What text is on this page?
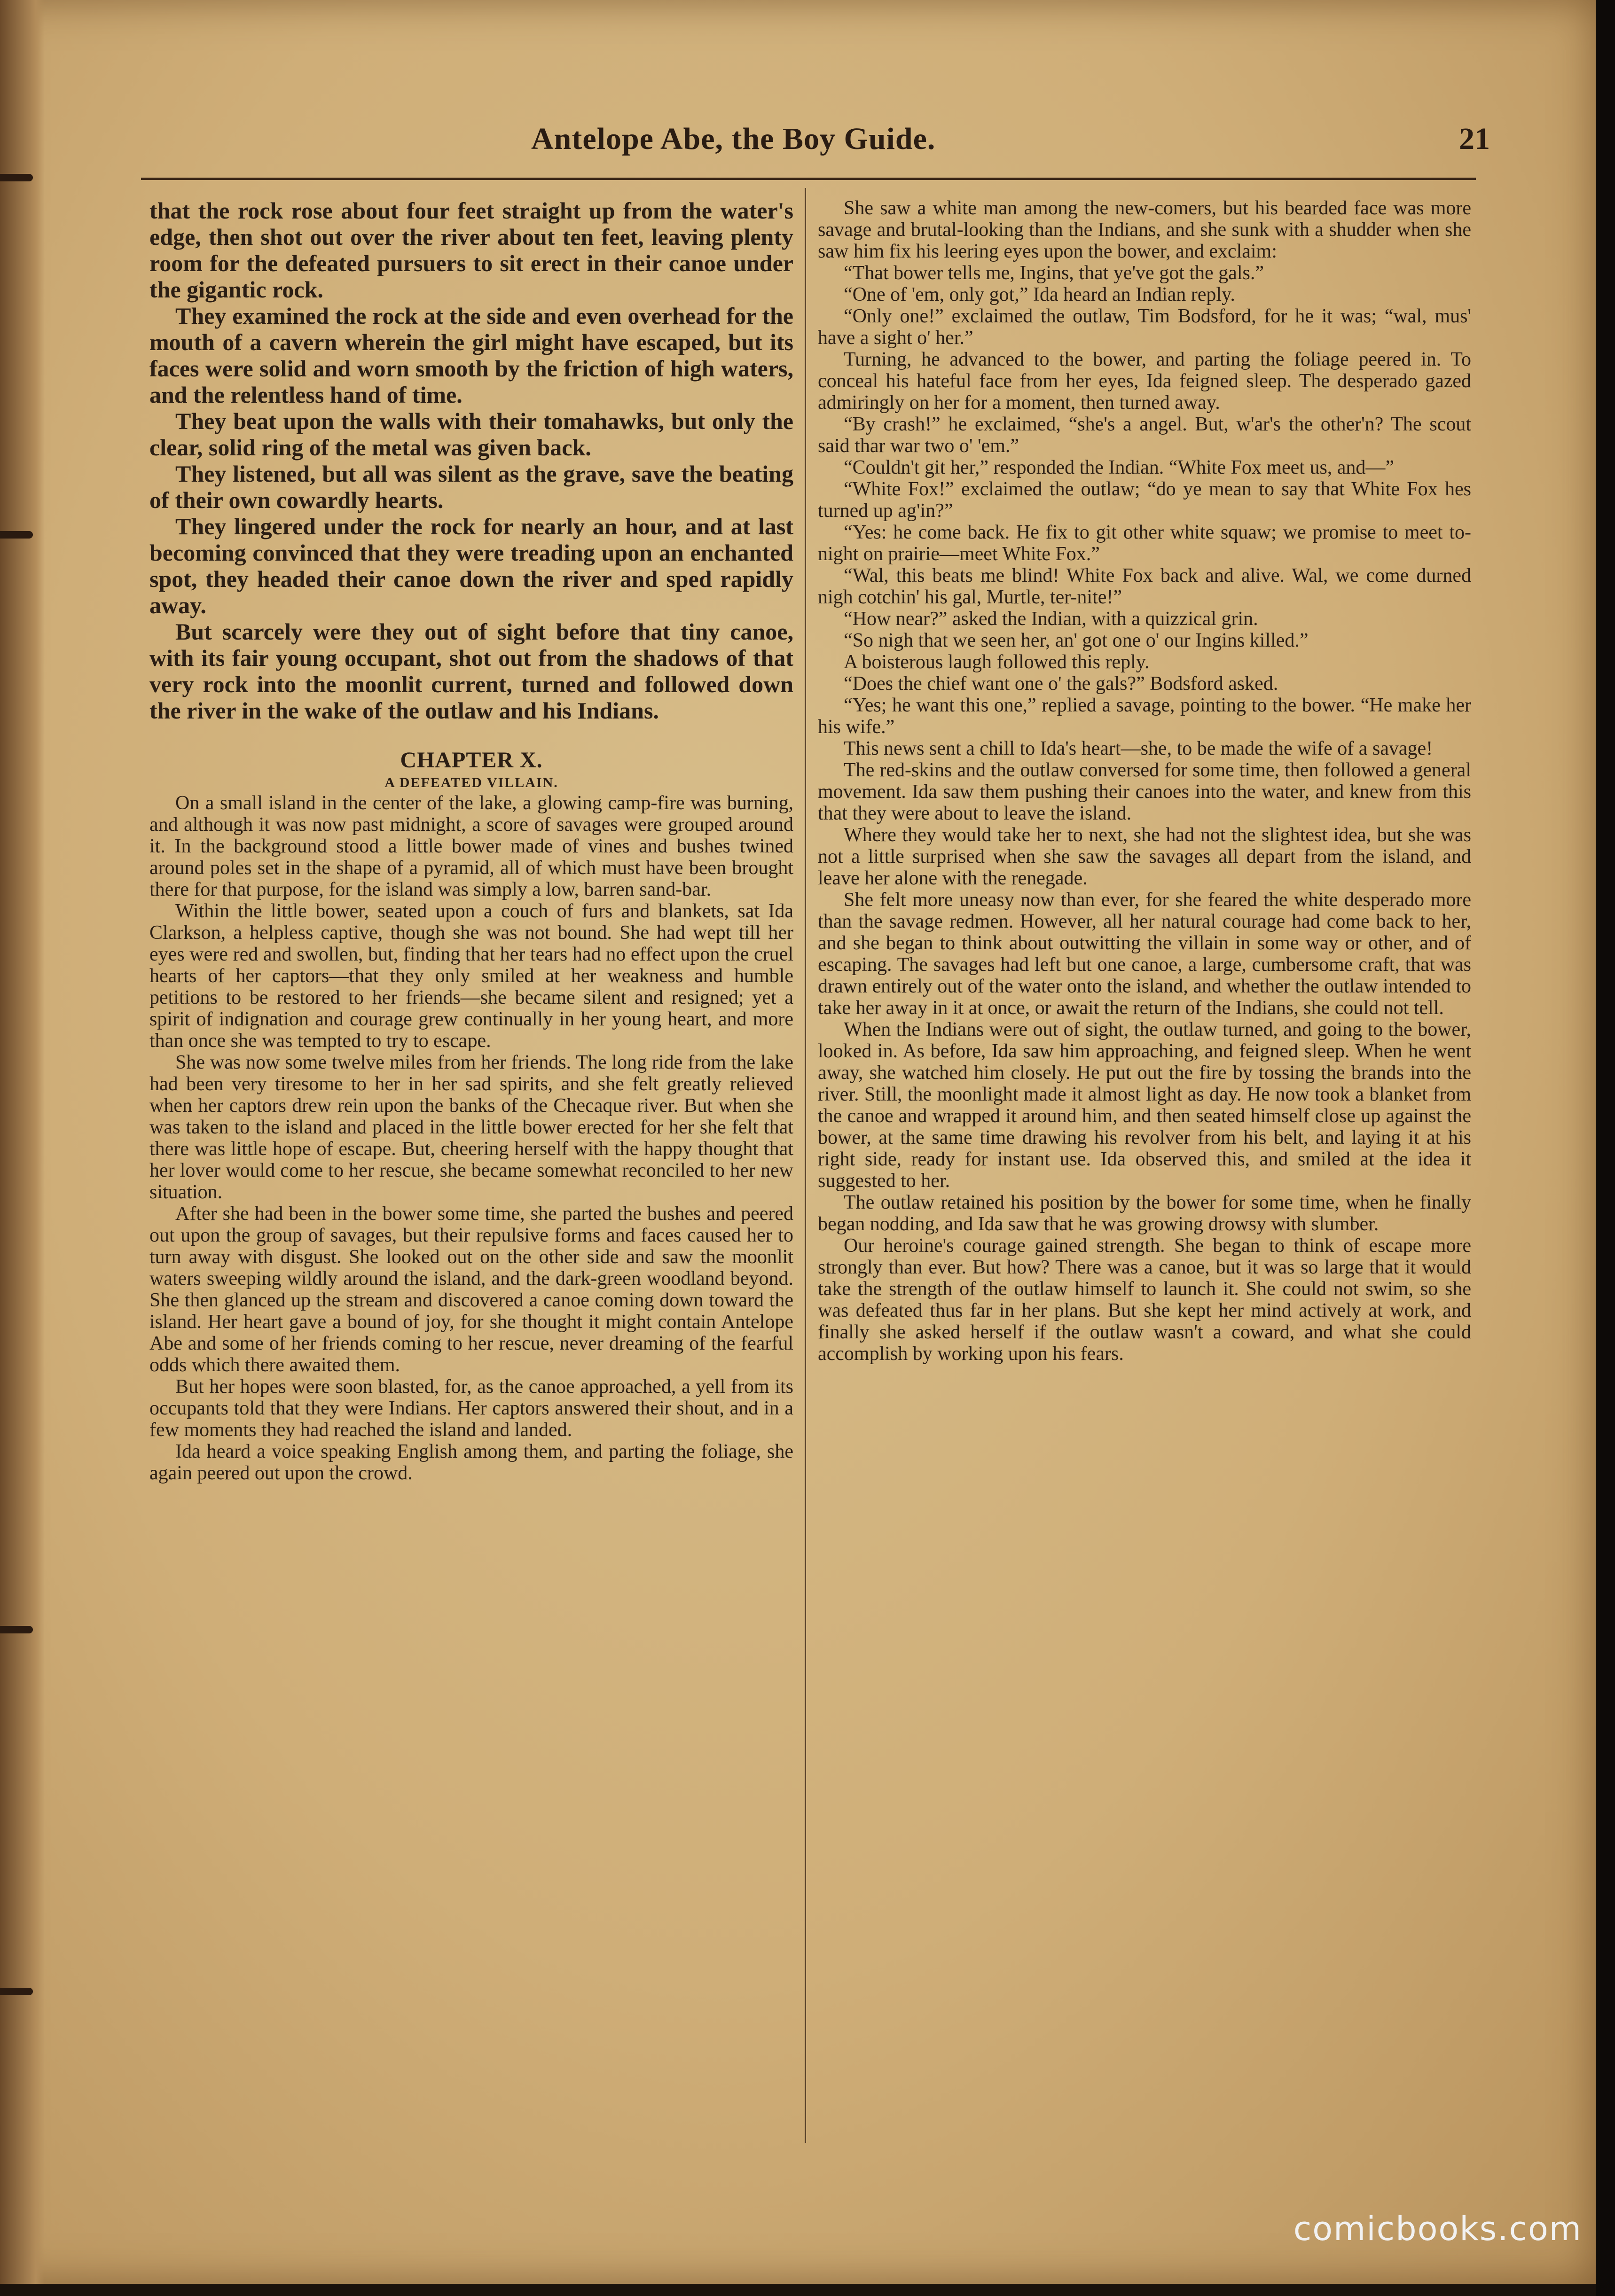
Antelope Abe, the Boy Guide.	21

that the rock rose about four feet straight up from the water's edge, then shot out over the river about ten feet, leaving plenty room for the defeated pursuers to sit erect in their canoe under the gigantic rock.

They examined the rock at the side and even overhead for the mouth of a cavern wherein the girl might have escaped, but its faces were solid and worn smooth by the friction of high waters, and the relentless hand of time.

They beat upon the walls with their tomahawks, but only the clear, solid ring of the metal was given back.

They listened, but all was silent as the grave, save the beating of their own cowardly hearts.

They lingered under the rock for nearly an hour, and at last becoming convinced that they were treading upon an enchanted spot, they headed their canoe down the river and sped rapidly away.

But scarcely were they out of sight before that tiny canoe, with its fair young occupant, shot out from the shadows of that very rock into the moonlit current, turned and followed down the river in the wake of the outlaw and his Indians.

CHAPTER X.
A DEFEATED VILLAIN.

On a small island in the center of the lake, a glowing camp-fire was burning, and although it was now past midnight, a score of savages were grouped around it. In the background stood a little bower made of vines and bushes twined around poles set in the shape of a pyramid, all of which must have been brought there for that purpose, for the island was simply a low, barren sand-bar.

Within the little bower, seated upon a couch of furs and blankets, sat Ida Clarkson, a helpless captive, though she was not bound. She had wept till her eyes were red and swollen, but, finding that her tears had no effect upon the cruel hearts of her captors—that they only smiled at her weakness and humble petitions to be restored to her friends—she became silent and resigned; yet a spirit of indignation and courage grew continually in her young heart, and more than once she was tempted to try to escape.

She was now some twelve miles from her friends. The long ride from the lake had been very tiresome to her in her sad spirits, and she felt greatly relieved when her captors drew rein upon the banks of the Checaque river. But when she was taken to the island and placed in the little bower erected for her she felt that there was little hope of escape. But, cheering herself with the happy thought that her lover would come to her rescue, she became somewhat reconciled to her new situation.

After she had been in the bower some time, she parted the bushes and peered out upon the group of savages, but their repulsive forms and faces caused her to turn away with disgust. She looked out on the other side and saw the moonlit waters sweeping wildly around the island, and the dark-green woodland beyond. She then glanced up the stream and discovered a canoe coming down toward the island. Her heart gave a bound of joy, for she thought it might contain Antelope Abe and some of her friends coming to her rescue, never dreaming of the fearful odds which there awaited them.

But her hopes were soon blasted, for, as the canoe approached, a yell from its occupants told that they were Indians. Her captors answered their shout, and in a few moments they had reached the island and landed.

Ida heard a voice speaking English among them, and parting the foliage, she again peered out upon the crowd.

She saw a white man among the new-comers, but his bearded face was more savage and brutal-looking than the Indians, and she sunk with a shudder when she saw him fix his leering eyes upon the bower, and exclaim:

“That bower tells me, Ingins, that ye've got the gals.”

“One of 'em, only got,” Ida heard an Indian reply.

“Only one!” exclaimed the outlaw, Tim Bodsford, for he it was; “wal, mus' have a sight o' her.”

Turning, he advanced to the bower, and parting the foliage peered in. To conceal his hateful face from her eyes, Ida feigned sleep. The desperado gazed admiringly on her for a moment, then turned away.

“By crash!” he exclaimed, “she's a angel. But, w'ar's the other'n? The scout said thar war two o' 'em.”

“Couldn't git her,” responded the Indian. “White Fox meet us, and—”

“White Fox!” exclaimed the outlaw; “do ye mean to say that White Fox hes turned up ag'in?”

“Yes: he come back. He fix to git other white squaw; we promise to meet to-night on prairie—meet White Fox.”

“Wal, this beats me blind! White Fox back and alive. Wal, we come durned nigh cotchin' his gal, Murtle, ter-nite!”

“How near?” asked the Indian, with a quizzical grin.

“So nigh that we seen her, an' got one o' our Ingins killed.”

A boisterous laugh followed this reply.

“Does the chief want one o' the gals?” Bodsford asked.

“Yes; he want this one,” replied a savage, pointing to the bower. “He make her his wife.”

This news sent a chill to Ida's heart—she, to be made the wife of a savage!

The red-skins and the outlaw conversed for some time, then followed a general movement. Ida saw them pushing their canoes into the water, and knew from this that they were about to leave the island.

Where they would take her to next, she had not the slightest idea, but she was not a little surprised when she saw the savages all depart from the island, and leave her alone with the renegade.

She felt more uneasy now than ever, for she feared the white desperado more than the savage redmen. However, all her natural courage had come back to her, and she began to think about outwitting the villain in some way or other, and of escaping. The savages had left but one canoe, a large, cumbersome craft, that was drawn entirely out of the water onto the island, and whether the outlaw intended to take her away in it at once, or await the return of the Indians, she could not tell.

When the Indians were out of sight, the outlaw turned, and going to the bower, looked in. As before, Ida saw him approaching, and feigned sleep. When he went away, she watched him closely. He put out the fire by tossing the brands into the river. Still, the moonlight made it almost light as day. He now took a blanket from the canoe and wrapped it around him, and then seated himself close up against the bower, at the same time drawing his revolver from his belt, and laying it at his right side, ready for instant use. Ida observed this, and smiled at the idea it suggested to her.

The outlaw retained his position by the bower for some time, when he finally began nodding, and Ida saw that he was growing drowsy with slumber.

Our heroine's courage gained strength. She began to think of escape more strongly than ever. But how? There was a canoe, but it was so large that it would take the strength of the outlaw himself to launch it. She could not swim, so she was defeated thus far in her plans. But she kept her mind actively at work, and finally she asked herself if the outlaw wasn't a coward, and what she could accomplish by working upon his fears.

comicbooks.com
